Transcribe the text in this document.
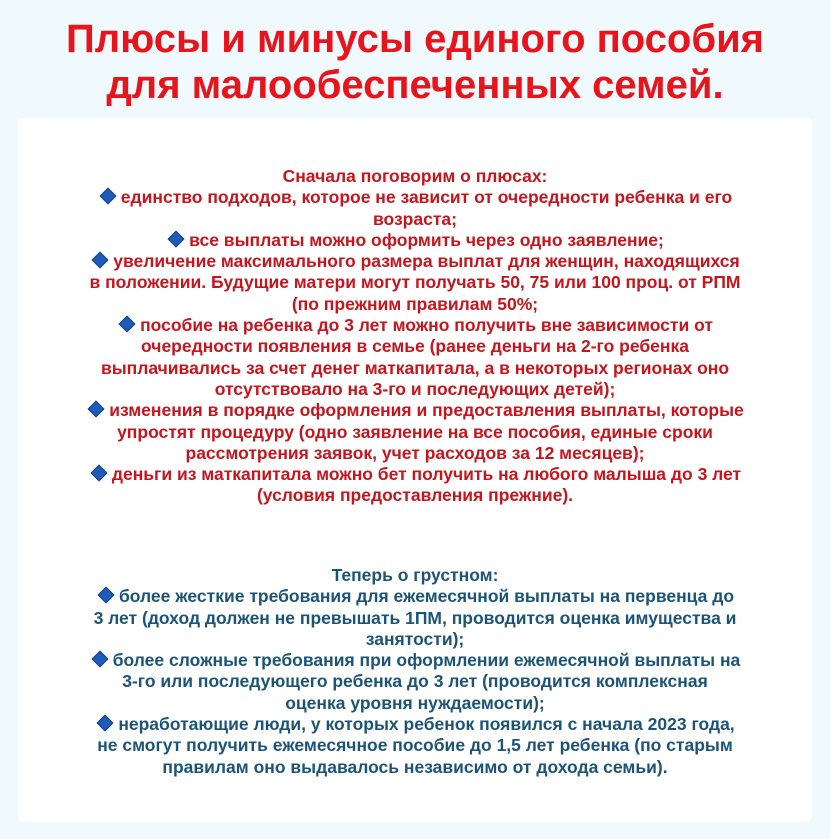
Плюсы и минусы единого пособия
для малообеспеченных семей.
Сначала поговорим о плюсах:
единство подходов, которое не зависит от очередности ребенка и его
возраста;
все выплаты можно оформить через одно заявление;
увеличение максимального размера выплат для женщин, находящихся
в положении. Будущие матери могут получать 50, 75 или 100 проц. от РПМ
(по прежним правилам 50%;
пособие на ребенка до 3 лет можно получить вне зависимости от
очередности появления в семье (ранее деньги на 2-го ребенка
выплачивались за счет денег маткапитала, а в некоторых регионах оно
отсутствовало на 3-го и последующих детей);
изменения в порядке оформления и предоставления выплаты, которые
упростят процедуру (одно заявление на все пособия, единые сроки
рассмотрения заявок, учет расходов за 12 месяцев);
деньги из маткапитала можно бет получить на любого малыша до 3 лет
(условия предоставления прежние).
Теперь о грустном:
более жесткие требования для ежемесячной выплаты на первенца до
3 лет (доход должен не превышать 1ПМ, проводится оценка имущества и
занятости);
более сложные требования при оформлении ежемесячной выплаты на
3-го или последующего ребенка до 3 лет (проводится комплексная
оценка уровня нуждаемости);
неработающие люди, у которых ребенок появился с начала 2023 года,
не смогут получить ежемесячное пособие до 1,5 лет ребенка (по старым
правилам оно выдавалось независимо от дохода семьи).
